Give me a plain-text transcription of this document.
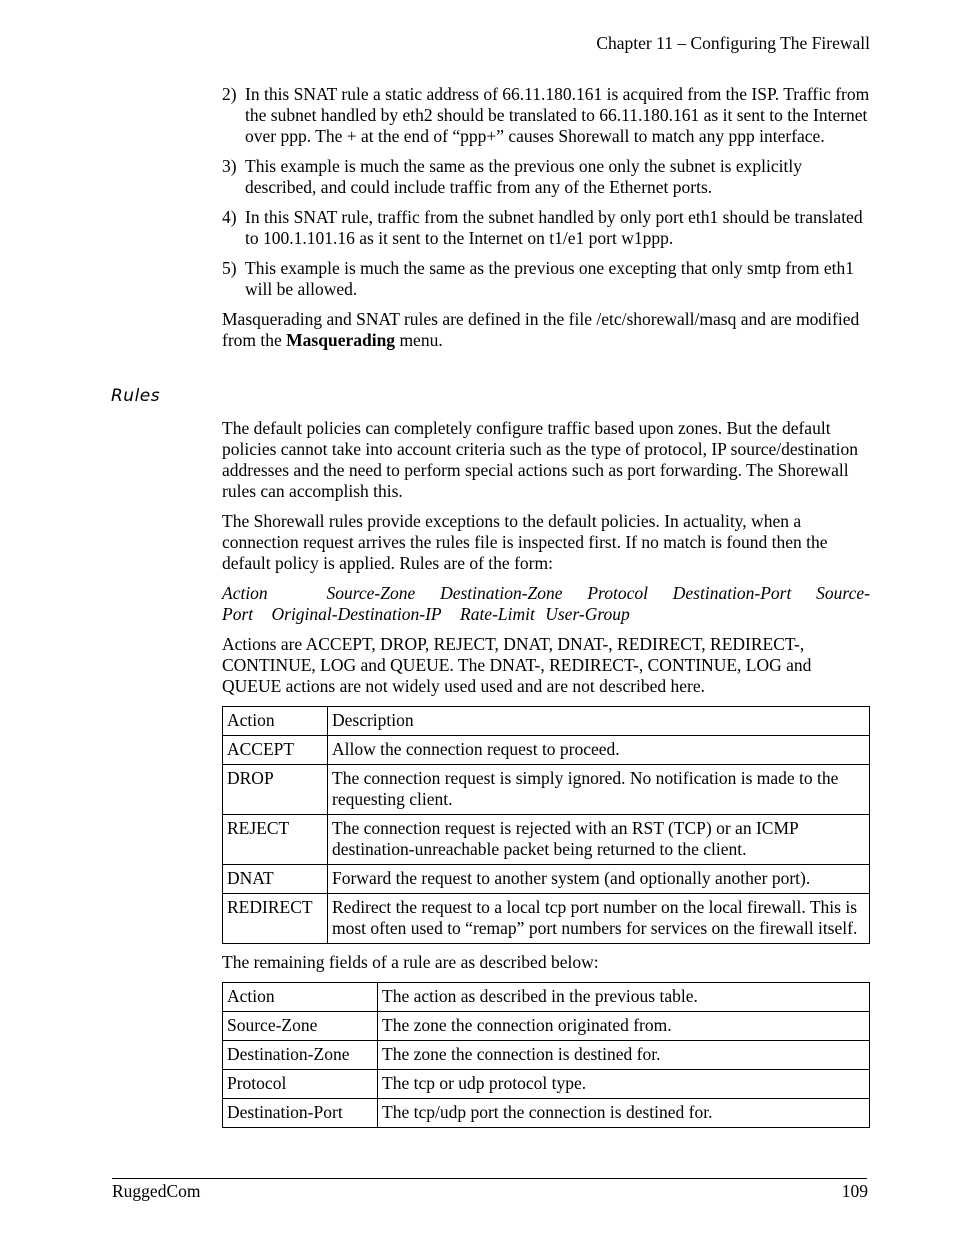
Chapter 11 – Configuring The Firewall
2) In this SNAT rule a static address of 66.11.180.161 is acquired from the ISP. Traffic from the subnet handled by eth2 should be translated to 66.11.180.161 as it sent to the Internet over ppp. The + at the end of “ppp+” causes Shorewall to match any ppp interface.
3) This example is much the same as the previous one only the subnet is explicitly described, and could include traffic from any of the Ethernet ports.
4) In this SNAT rule, traffic from the subnet handled by only port eth1 should be translated to 100.1.101.16 as it sent to the Internet on t1/e1 port w1ppp.
5) This example is much the same as the previous one excepting that only smtp from eth1 will be allowed.

Masquerading and SNAT rules are defined in the file /etc/shorewall/masq and are modified from the Masquerading menu.

Rules

The default policies can completely configure traffic based upon zones. But the default policies cannot take into account criteria such as the type of protocol, IP source/destination addresses and the need to perform special actions such as port forwarding. The Shorewall rules can accomplish this.

The Shorewall rules provide exceptions to the default policies. In actuality, when a connection request arrives the rules file is inspected first. If no match is found then the default policy is applied. Rules are of the form:

Action	Source-Zone Destination-Zone Protocol Destination-Port Source-
Port Original-Destination-IP Rate-Limit User-Group

Actions are ACCEPT, DROP, REJECT, DNAT, DNAT-, REDIRECT, REDIRECT-, CONTINUE, LOG and QUEUE. The DNAT-, REDIRECT-, CONTINUE, LOG and QUEUE actions are not widely used used and are not described here.

Action	Description
ACCEPT	Allow the connection request to proceed.
DROP	The connection request is simply ignored. No notification is made to the requesting client.
REJECT	The connection request is rejected with an RST (TCP) or an ICMP destination-unreachable packet being returned to the client.
DNAT	Forward the request to another system (and optionally another port).
REDIRECT	Redirect the request to a local tcp port number on the local firewall. This is most often used to “remap” port numbers for services on the firewall itself.

The remaining fields of a rule are as described below:

Action	The action as described in the previous table.
Source-Zone	The zone the connection originated from.
Destination-Zone	The zone the connection is destined for.
Protocol	The tcp or udp protocol type.
Destination-Port	The tcp/udp port the connection is destined for.
RuggedCom	109
